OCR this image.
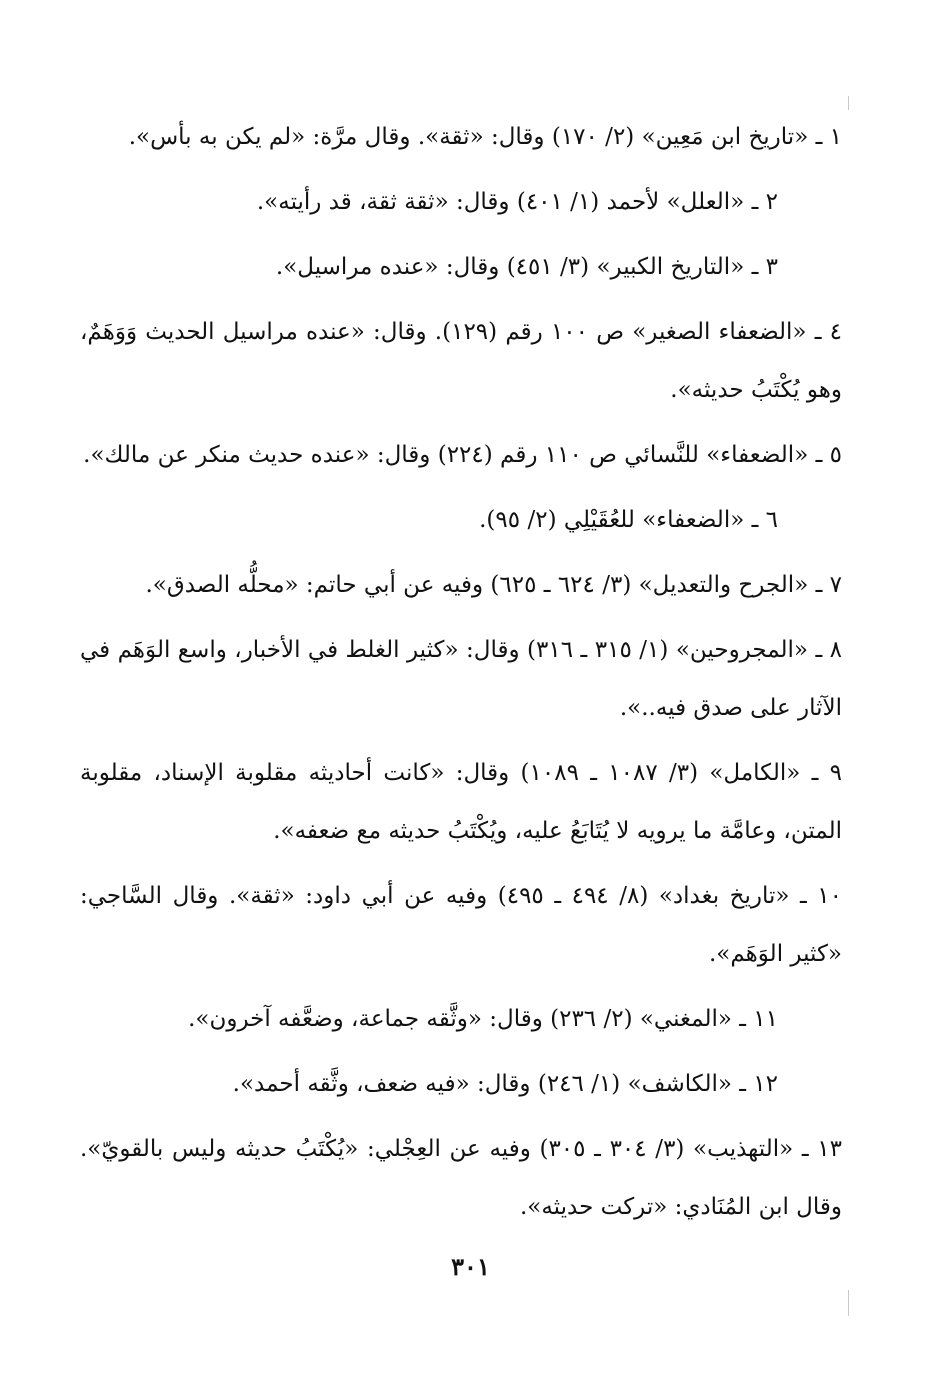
١ ـ «تاريخ ابن مَعِين» (٢/ ١٧٠) وقال: «ثقة». وقال مرَّة: «لم يكن به بأس».

٢ ـ «العلل» لأحمد (١/ ٤٠١) وقال: «ثقة ثقة، قد رأيته».

٣ ـ «التاريخ الكبير» (٣/ ٤٥١) وقال: «عنده مراسيل».

٤ ـ «الضعفاء الصغير» ص ١٠٠ رقم (١٢٩). وقال: «عنده مراسيل الحديث وَوَهَمٌ، وهو يُكْتَبُ حديثه».

٥ ـ «الضعفاء» للنَّسائي ص ١١٠ رقم (٢٢٤) وقال: «عنده حديث منكر عن مالك».

٦ ـ «الضعفاء» للعُقَيْلِي (٢/ ٩٥).

٧ ـ «الجرح والتعديل» (٣/ ٦٢٤ ـ ٦٢٥) وفيه عن أبي حاتم: «محلُّه الصدق».

٨ ـ «المجروحين» (١/ ٣١٥ ـ ٣١٦) وقال: «كثير الغلط في الأخبار، واسع الوَهَم في الآثار على صدق فيه..».

٩ ـ «الكامل» (٣/ ١٠٨٧ ـ ١٠٨٩) وقال: «كانت أحاديثه مقلوبة الإسناد، مقلوبة المتن، وعامَّة ما يرويه لا يُتَابَعُ عليه، ويُكْتَبُ حديثه مع ضعفه».

١٠ ـ «تاريخ بغداد» (٨/ ٤٩٤ ـ ٤٩٥) وفيه عن أبي داود: «ثقة». وقال السَّاجي: «كثير الوَهَم».

١١ ـ «المغني» (٢/ ٢٣٦) وقال: «وثَّقه جماعة، وضعَّفه آخرون».

١٢ ـ «الكاشف» (١/ ٢٤٦) وقال: «فيه ضعف، وثَّقه أحمد».

١٣ ـ «التهذيب» (٣/ ٣٠٤ ـ ٣٠٥) وفيه عن العِجْلي: «يُكْتَبُ حديثه وليس بالقويّ». وقال ابن المُنَادي: «تركت حديثه».

٣٠١
